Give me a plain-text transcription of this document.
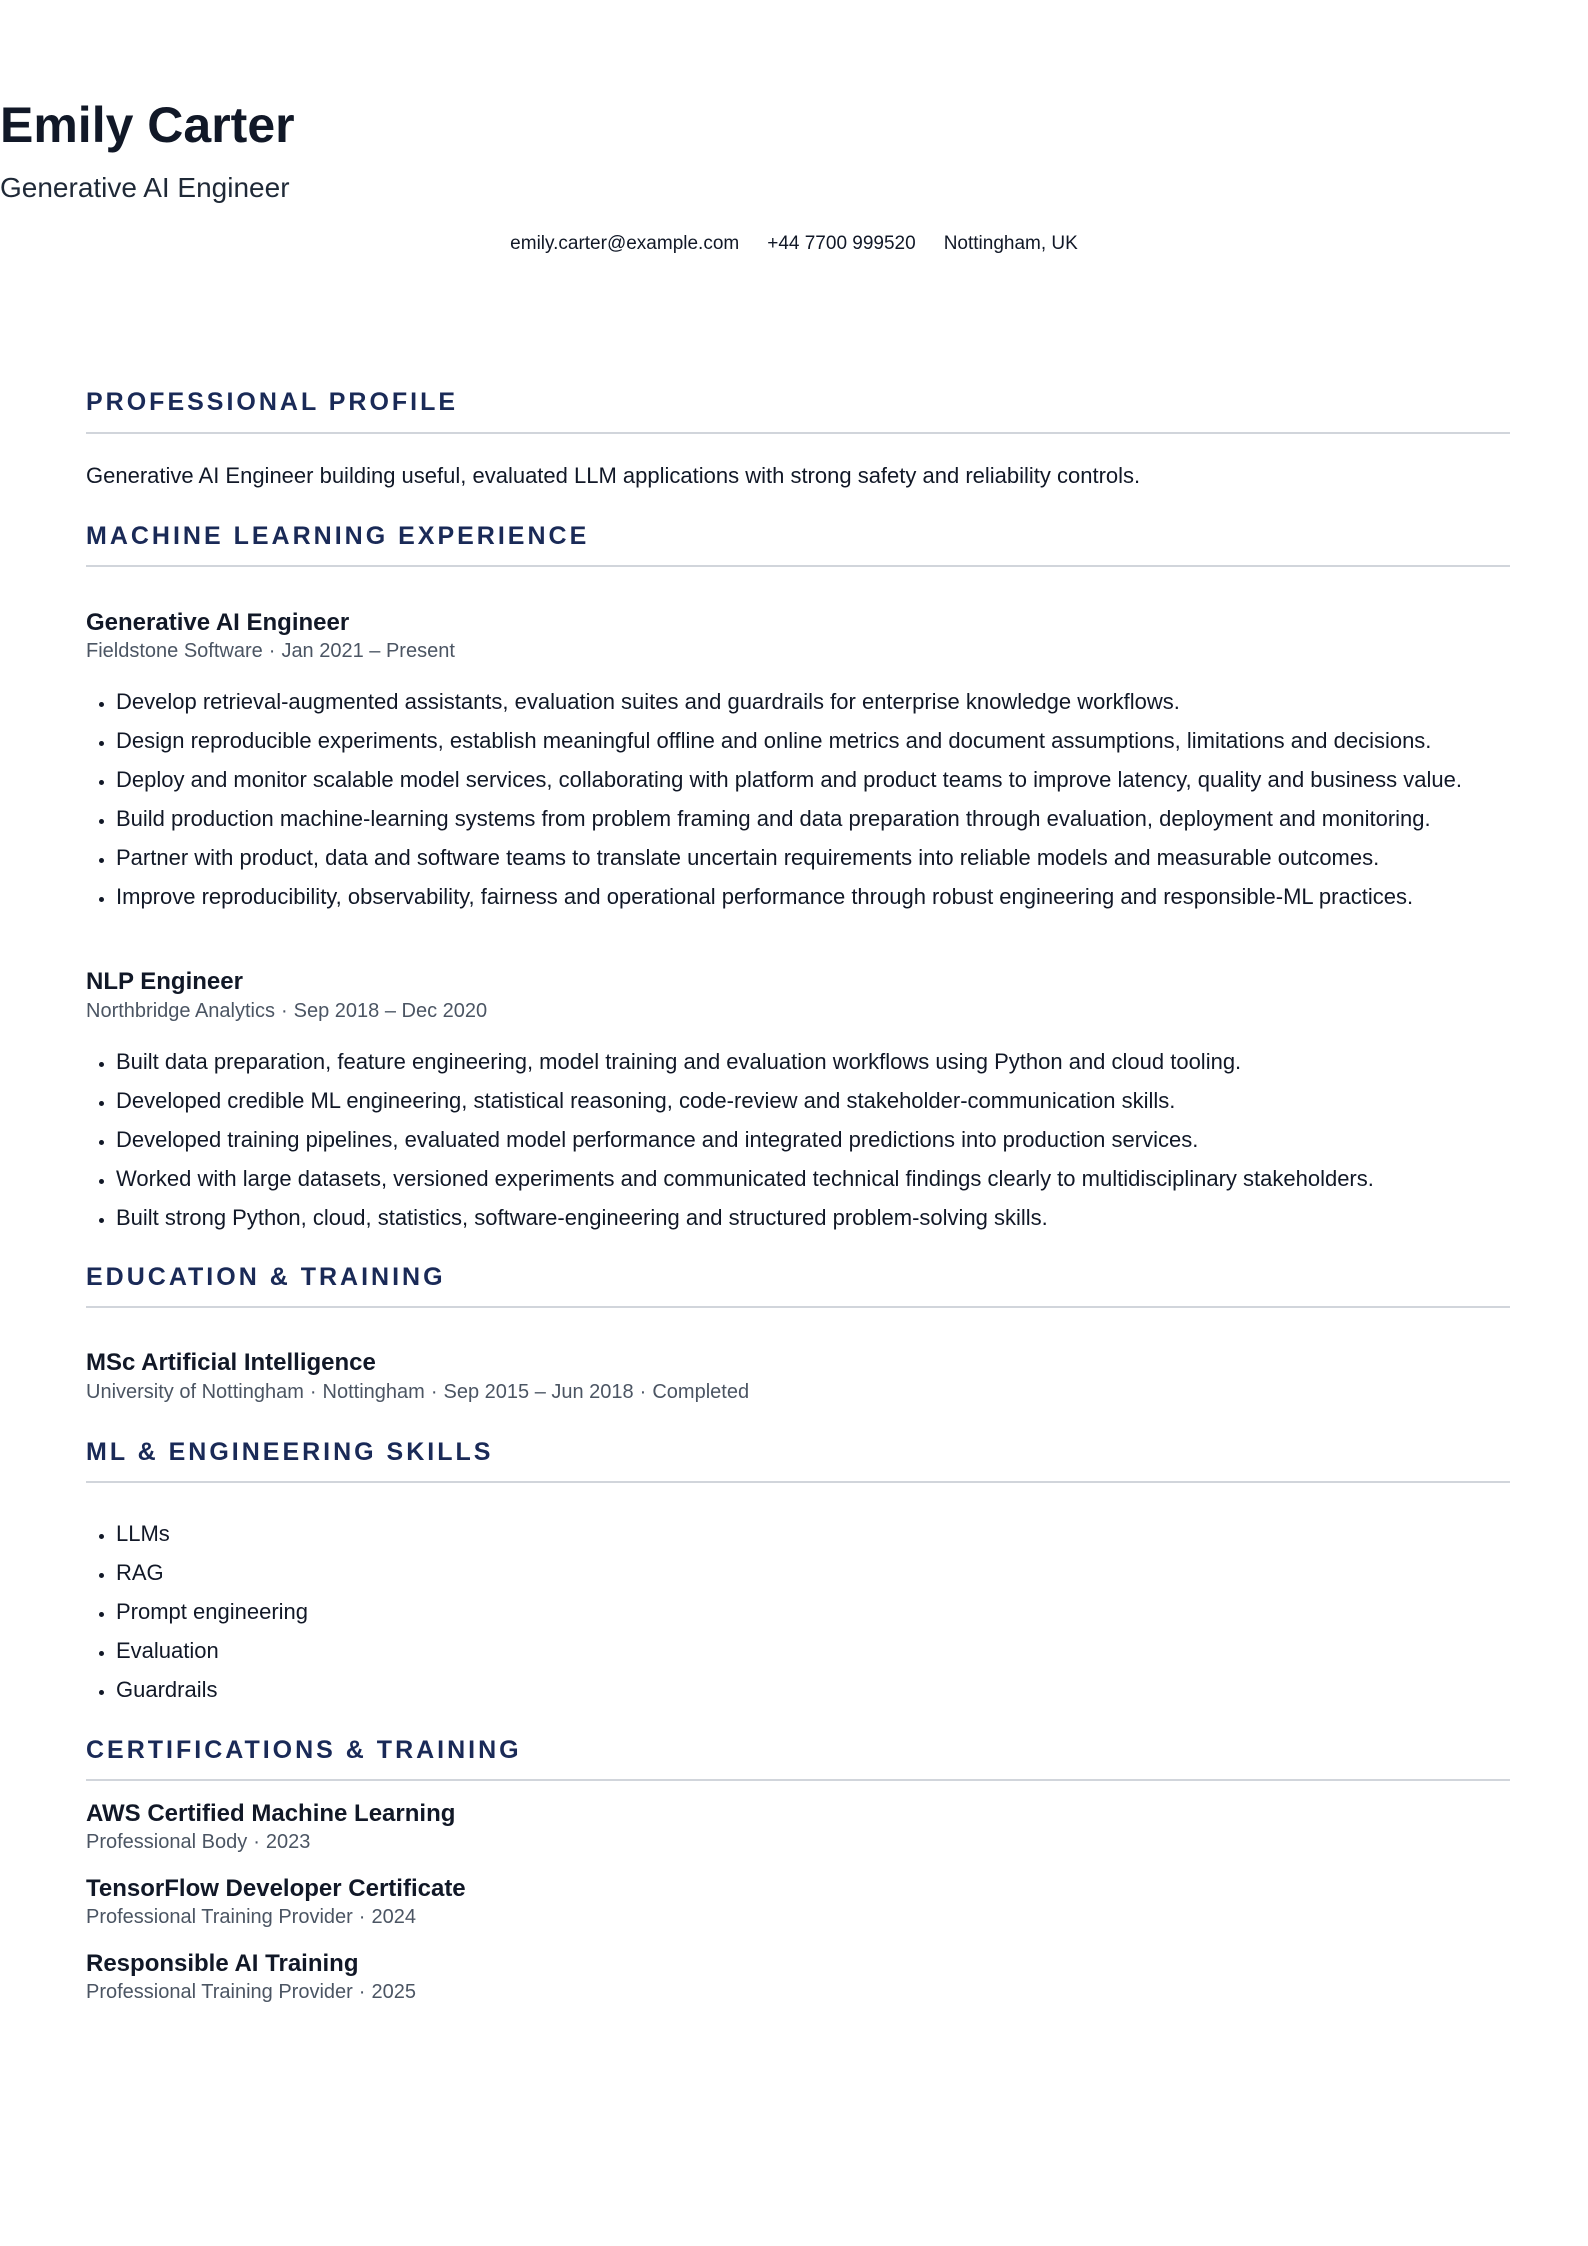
Emily Carter
Generative AI Engineer
emily.carter@example.com +44 7700 999520 Nottingham, UK
PROFESSIONAL PROFILE
Generative AI Engineer building useful, evaluated LLM applications with strong safety and reliability controls.
MACHINE LEARNING EXPERIENCE
Generative AI Engineer
Fieldstone Software · Jan 2021 – Present
• Develop retrieval-augmented assistants, evaluation suites and guardrails for enterprise knowledge workflows.
• Design reproducible experiments, establish meaningful offline and online metrics and document assumptions, limitations and decisions.
• Deploy and monitor scalable model services, collaborating with platform and product teams to improve latency, quality and business value.
• Build production machine-learning systems from problem framing and data preparation through evaluation, deployment and monitoring.
• Partner with product, data and software teams to translate uncertain requirements into reliable models and measurable outcomes.
• Improve reproducibility, observability, fairness and operational performance through robust engineering and responsible-ML practices.
NLP Engineer
Northbridge Analytics · Sep 2018 – Dec 2020
• Built data preparation, feature engineering, model training and evaluation workflows using Python and cloud tooling.
• Developed credible ML engineering, statistical reasoning, code-review and stakeholder-communication skills.
• Developed training pipelines, evaluated model performance and integrated predictions into production services.
• Worked with large datasets, versioned experiments and communicated technical findings clearly to multidisciplinary stakeholders.
• Built strong Python, cloud, statistics, software-engineering and structured problem-solving skills.
EDUCATION & TRAINING
MSc Artificial Intelligence
University of Nottingham · Nottingham · Sep 2015 – Jun 2018 · Completed
ML & ENGINEERING SKILLS
• LLMs
• RAG
• Prompt engineering
• Evaluation
• Guardrails
CERTIFICATIONS & TRAINING
AWS Certified Machine Learning
Professional Body · 2023
TensorFlow Developer Certificate
Professional Training Provider · 2024
Responsible AI Training
Professional Training Provider · 2025
